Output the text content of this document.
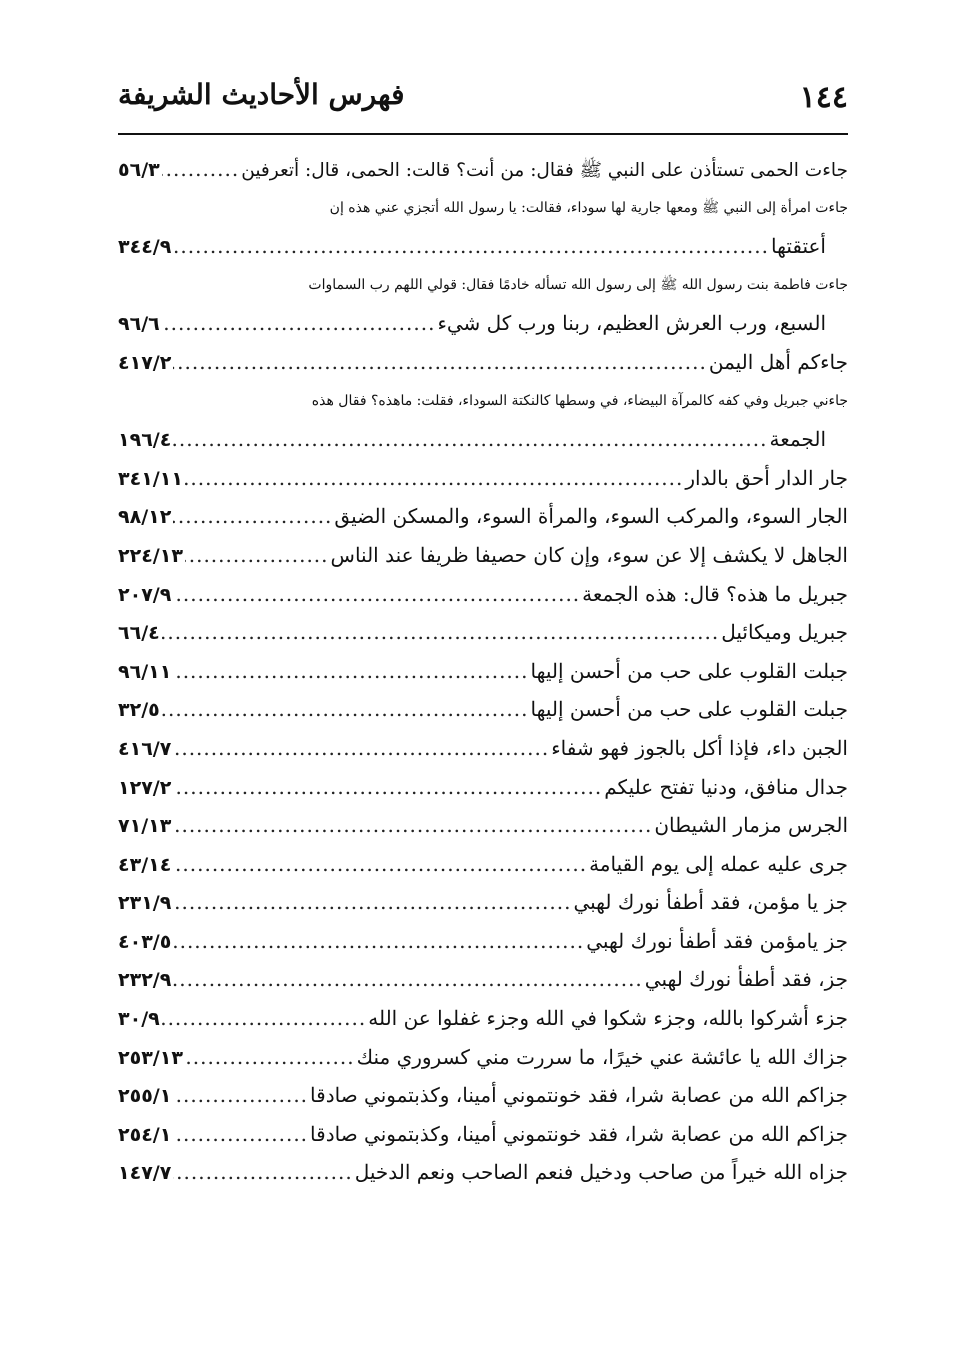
١٤٤
فهرس الأحاديث الشريفة
جاءت الحمى تستأذن على النبي ﷺ فقال: من أنت؟ قالت: الحمى، قال: أتعرفين
.....
٥٦/٣
جاءت امرأة إلى النبي ﷺ ومعها جارية لها سوداء، فقالت: يا رسول الله أتجزي عني هذه إن
أعتقتها
.....
٣٤٤/٩
جاءت فاطمة بنت رسول الله ﷺ إلى رسول الله تسأله خادمًا فقال: قولي اللهم رب السماوات
السبع، ورب العرش العظيم، ربنا ورب كل شيء
.....
٩٦/٦
جاءكم أهل اليمن
.....
٤١٧/٢
جاءني جبريل وفي كفه كالمرآة البيضاء، في وسطها كالنكتة السوداء، فقلت: ماهذه؟ فقال هذه
الجمعة
.....
١٩٦/٤
جار الدار أحق بالدار
.....
٣٤١/١١
الجار السوء، والمركب السوء، والمرأة السوء، والمسكن الضيق
.....
٩٨/١٢
الجاهل لا يكشف إلا عن سوء، وإن كان حصيفا ظريفا عند الناس
.....
٢٢٤/١٣
جبريل ما هذه؟ قال: هذه الجمعة
.....
٢٠٧/٩
جبريل وميكائيل
.....
٦٦/٤
جبلت القلوب على حب من أحسن إليها
.....
٩٦/١١
جبلت القلوب على حب من أحسن إليها
.....
٣٢/٥
الجبن داء، فإذا أكل بالجوز فهو شفاء
.....
٤١٦/٧
جدال منافق، ودنيا تفتح عليكم
.....
١٢٧/٢
الجرس مزمار الشيطان
.....
٧١/١٣
جرى عليه عمله إلى يوم القيامة
.....
٤٣/١٤
جز يا مؤمن، فقد أطفأ نورك لهبي
.....
٢٣١/٩
جز يامؤمن فقد أطفأ نورك لهبي
.....
٤٠٣/٥
جز، فقد أطفأ نورك لهبي
.....
٢٣٢/٩
جزء أشركوا بالله، وجزء شكوا في الله وجزء غفلوا عن الله
.....
٣٠/٩
جزاك الله يا عائشة عني خيرًا، ما سررت مني كسروري منك
.....
٢٥٣/١٣
جزاكم الله من عصابة شرا، فقد خونتموني أمينا، وكذبتموني صادقا
.....
٢٥٥/١
جزاكم الله من عصابة شرا، فقد خونتموني أمينا، وكذبتموني صادقا
.....
٢٥٤/١
جزاه الله خيراً من صاحب ودخيل فنعم الصاحب ونعم الدخيل
.....
١٤٧/٧
